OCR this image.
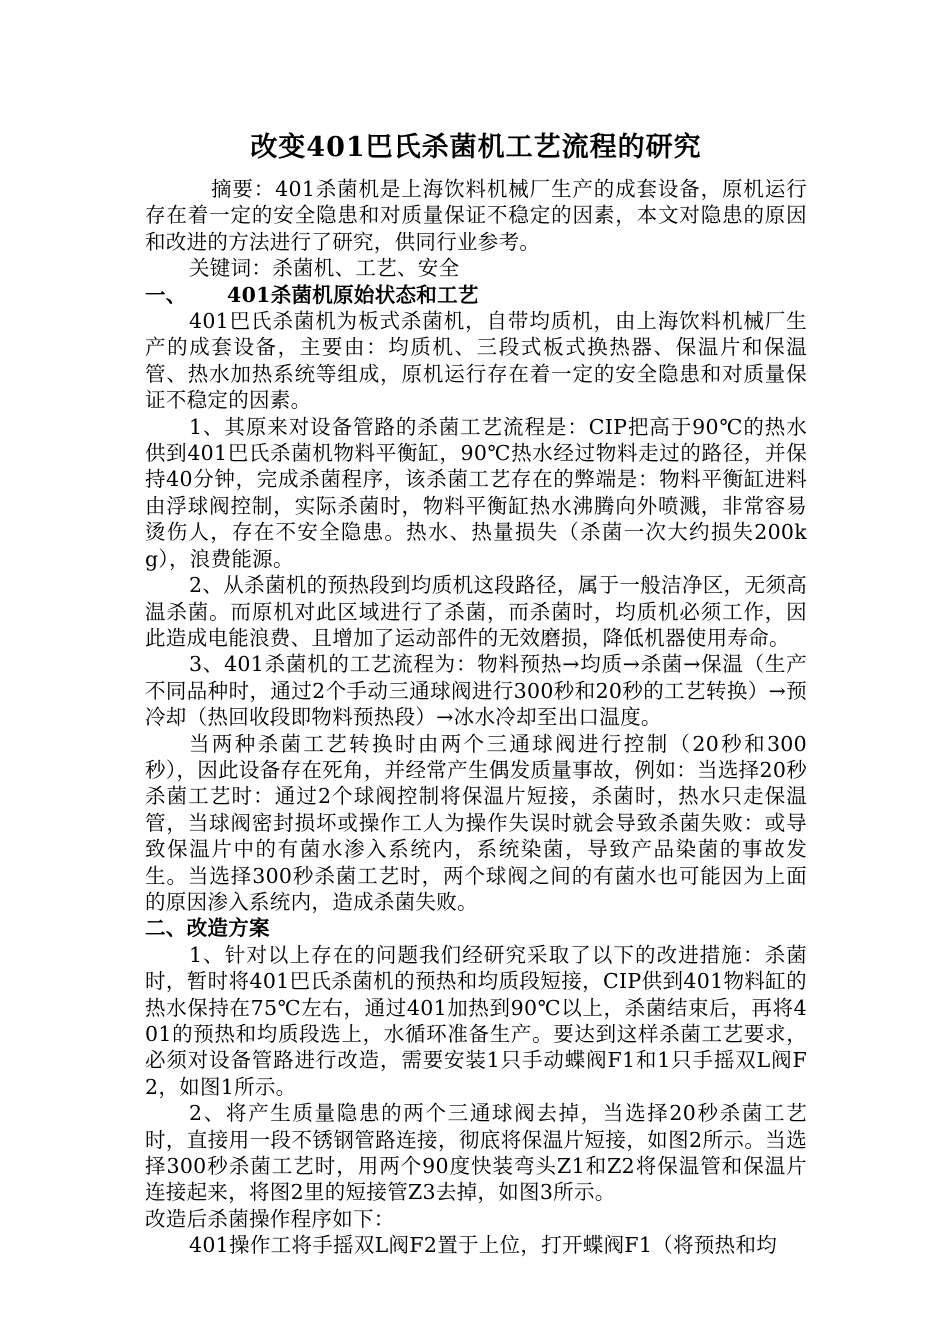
改变401巴氏杀菌机工艺流程的研究

摘要：401杀菌机是上海饮料机械厂生产的成套设备，原机运行存在着一定的安全隐患和对质量保证不稳定的因素，本文对隐患的原因和改进的方法进行了研究，供同行业参考。

关键词：杀菌机、工艺、安全

一、 401杀菌机原始状态和工艺

401巴氏杀菌机为板式杀菌机，自带均质机，由上海饮料机械厂生产的成套设备，主要由：均质机、三段式板式换热器、保温片和保温管、热水加热系统等组成，原机运行存在着一定的安全隐患和对质量保证不稳定的因素。

1、其原来对设备管路的杀菌工艺流程是：CIP把高于90℃的热水供到401巴氏杀菌机物料平衡缸，90℃热水经过物料走过的路径，并保持40分钟，完成杀菌程序，该杀菌工艺存在的弊端是：物料平衡缸进料由浮球阀控制，实际杀菌时，物料平衡缸热水沸腾向外喷溅，非常容易烫伤人，存在不安全隐患。热水、热量损失（杀菌一次大约损失200kg），浪费能源。

2、从杀菌机的预热段到均质机这段路径，属于一般洁净区，无须高温杀菌。而原机对此区域进行了杀菌，而杀菌时，均质机必须工作，因此造成电能浪费、且增加了运动部件的无效磨损，降低机器使用寿命。

3、401杀菌机的工艺流程为：物料预热→均质→杀菌→保温（生产不同品种时，通过2个手动三通球阀进行300秒和20秒的工艺转换）→预冷却（热回收段即物料预热段）→冰水冷却至出口温度。

当两种杀菌工艺转换时由两个三通球阀进行控制（20秒和300秒），因此设备存在死角，并经常产生偶发质量事故，例如：当选择20秒杀菌工艺时：通过2个球阀控制将保温片短接，杀菌时，热水只走保温管，当球阀密封损坏或操作工人为操作失误时就会导致杀菌失败：或导致保温片中的有菌水渗入系统内，系统染菌，导致产品染菌的事故发生。当选择300秒杀菌工艺时，两个球阀之间的有菌水也可能因为上面的原因渗入系统内，造成杀菌失败。

二、改造方案

1、针对以上存在的问题我们经研究采取了以下的改进措施：杀菌时，暂时将401巴氏杀菌机的预热和均质段短接，CIP供到401物料缸的热水保持在75℃左右，通过401加热到90℃以上，杀菌结束后，再将401的预热和均质段选上，水循环准备生产。要达到这样杀菌工艺要求，必须对设备管路进行改造，需要安装1只手动蝶阀F1和1只手摇双L阀F2，如图1所示。

2、将产生质量隐患的两个三通球阀去掉，当选择20秒杀菌工艺时，直接用一段不锈钢管路连接，彻底将保温片短接，如图2所示。当选择300秒杀菌工艺时，用两个90度快装弯头Z1和Z2将保温管和保温片连接起来，将图2里的短接管Z3去掉，如图3所示。

改造后杀菌操作程序如下：

401操作工将手摇双L阀F2置于上位，打开蝶阀F1（将预热和均
